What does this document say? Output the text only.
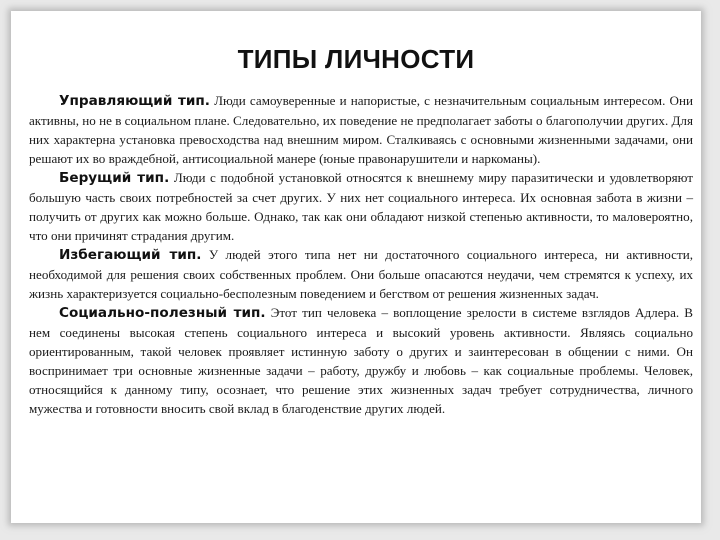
ТИПЫ ЛИЧНОСТИ

Управляющий тип. Люди самоуверенные и напористые, с незначительным социальным интересом. Они активны, но не в социальном плане. Следовательно, их поведение не предполагает заботы о благополучии других. Для них характерна установка превосходства над внешним миром. Сталкиваясь с основными жизненными задачами, они решают их во враждебной, антисоциальной манере (юные правонарушители и наркоманы).

Берущий тип. Люди с подобной установкой относятся к внешнему миру паразитически и удовлетворяют большую часть своих потребностей за счет других. У них нет социального интереса. Их основная забота в жизни – получить от других как можно больше. Однако, так как они обладают низкой степенью активности, то маловероятно, что они причинят страдания другим.

Избегающий тип. У людей этого типа нет ни достаточного социального интереса, ни активности, необходимой для решения своих собственных проблем. Они больше опасаются неудачи, чем стремятся к успеху, их жизнь характеризуется социально-бесполезным поведением и бегством от решения жизненных задач.

Социально-полезный тип. Этот тип человека – воплощение зрелости в системе взглядов Адлера. В нем соединены высокая степень социального интереса и высокий уровень активности. Являясь социально ориентированным, такой человек проявляет истинную заботу о других и заинтересован в общении с ними. Он воспринимает три основные жизненные задачи – работу, дружбу и любовь – как социальные проблемы. Человек, относящийся к данному типу, осознает, что решение этих жизненных задач требует сотрудничества, личного мужества и готовности вносить свой вклад в благоденствие других людей.
